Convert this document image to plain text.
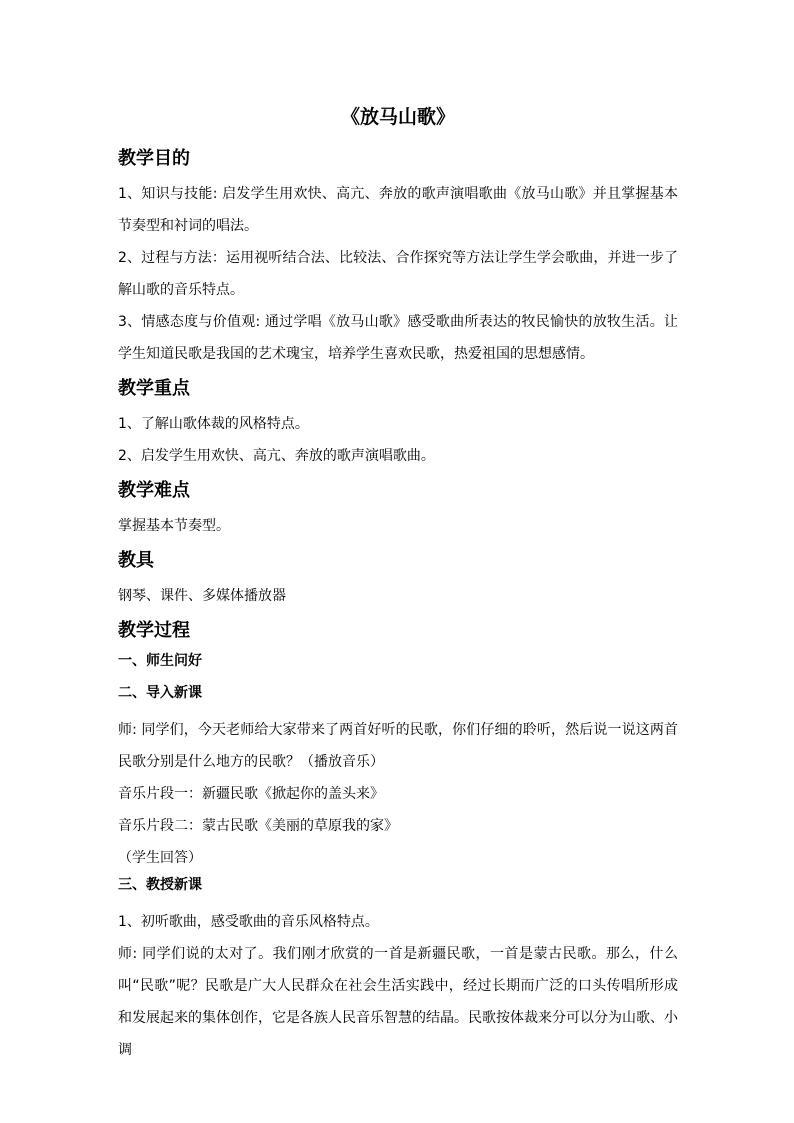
《放马山歌》
教学目的

1、知识与技能: 启发学生用欢快、高亢、奔放的歌声演唱歌曲《放马山歌》并且掌握基本节奏型和衬词的唱法。

2、过程与方法：运用视听结合法、比较法、合作探究等方法让学生学会歌曲，并进一步了解山歌的音乐特点。

3、情感态度与价值观: 通过学唱《放马山歌》感受歌曲所表达的牧民愉快的放牧生活。让学生知道民歌是我国的艺术瑰宝，培养学生喜欢民歌，热爱祖国的思想感情。

教学重点

1、了解山歌体裁的风格特点。

2、启发学生用欢快、高亢、奔放的歌声演唱歌曲。

教学难点

掌握基本节奏型。

教具

钢琴、课件、多媒体播放器

教学过程
一、师生问好
二、导入新课

师: 同学们，今天老师给大家带来了两首好听的民歌，你们仔细的聆听，然后说一说这两首民歌分别是什么地方的民歌？（播放音乐）

音乐片段一：新疆民歌《掀起你的盖头来》

音乐片段二：蒙古民歌《美丽的草原我的家》

（学生回答）

三、教授新课

1、初听歌曲，感受歌曲的音乐风格特点。

师: 同学们说的太对了。我们刚才欣赏的一首是新疆民歌，一首是蒙古民歌。那么，什么叫“民歌”呢？民歌是广大人民群众在社会生活实践中，经过长期而广泛的口头传唱所形成和发展起来的集体创作，它是各族人民音乐智慧的结晶。民歌按体裁来分可以分为山歌、小调
